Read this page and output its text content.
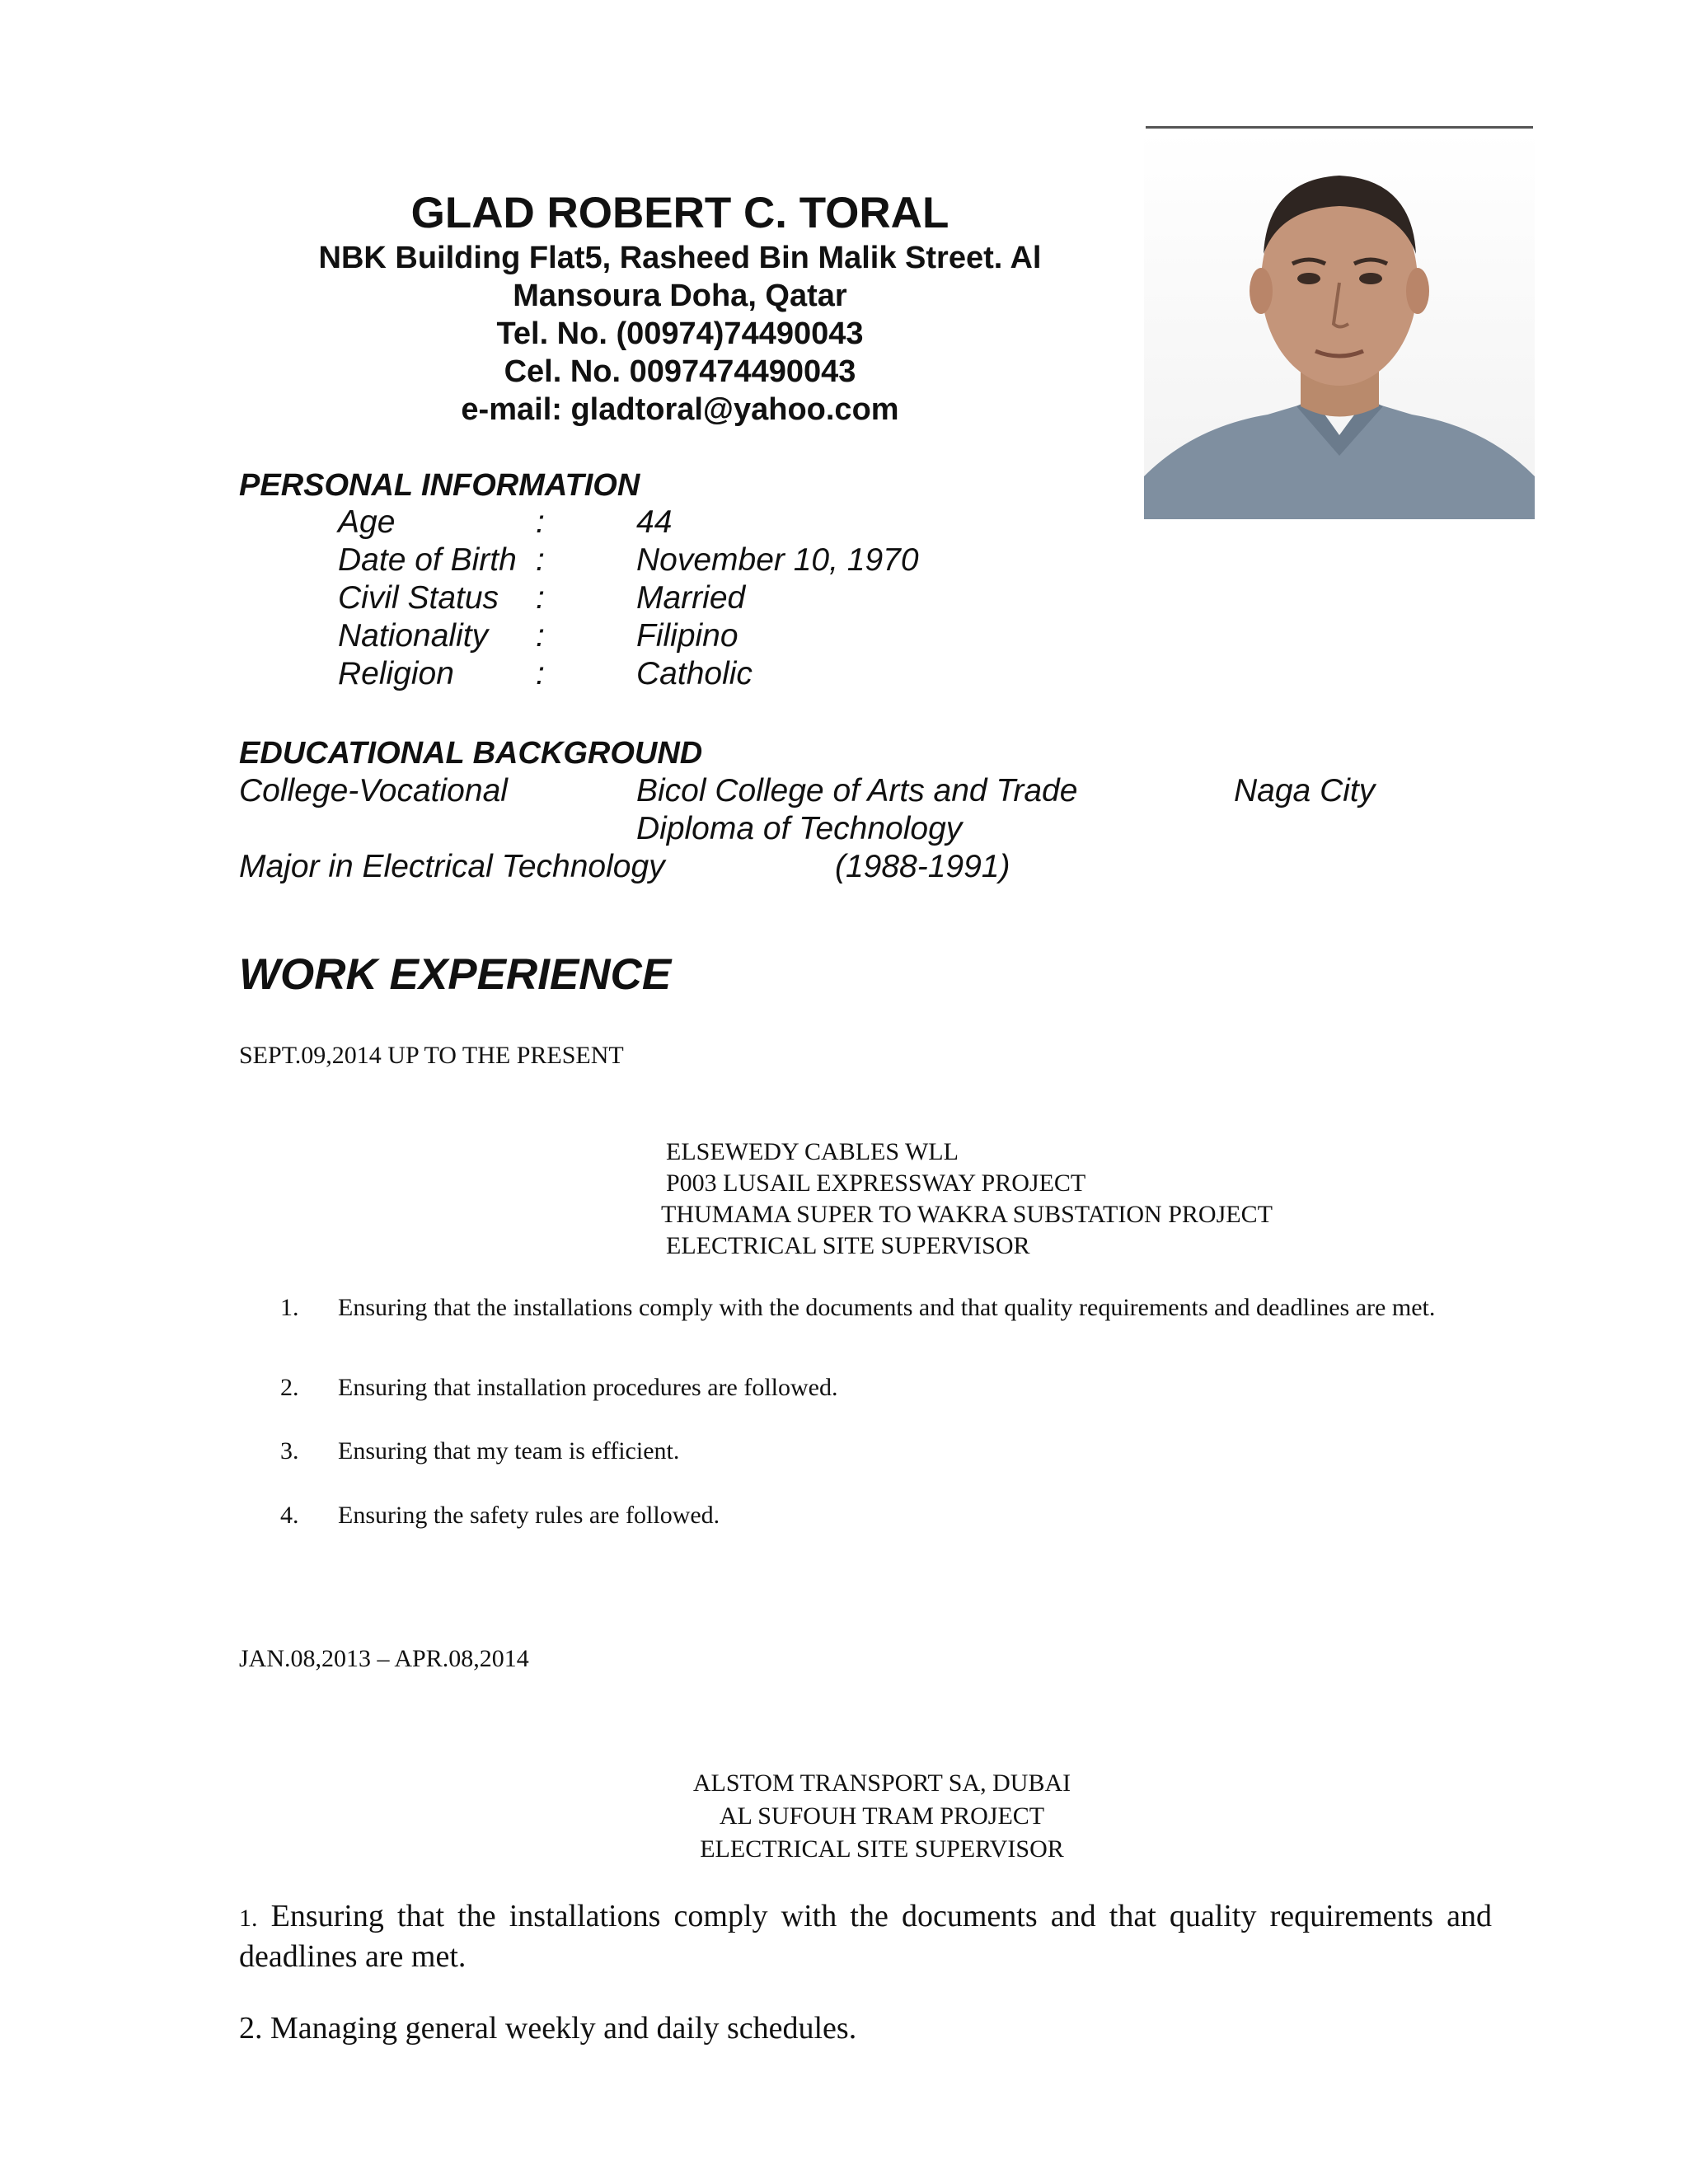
GLAD ROBERT C. TORAL
NBK Building Flat5, Rasheed Bin Malik Street. Al
Mansoura Doha, Qatar
Tel. No. (00974)74490043
Cel. No. 0097474490043
e-mail: gladtoral@yahoo.com
PERSONAL INFORMATION
Age	:	44
Date of Birth :	November 10, 1970
Civil Status :	Married
Nationality :	Filipino
Religion	:	Catholic
EDUCATIONAL BACKGROUND
College-Vocational	Bicol College of Arts and Trade	Naga City
Diploma of Technology
Major in Electrical Technology	(1988-1991)
WORK EXPERIENCE
SEPT.09,2014 UP TO THE PRESENT
ELSEWEDY CABLES WLL
P003 LUSAIL EXPRESSWAY PROJECT
THUMAMA SUPER TO WAKRA SUBSTATION PROJECT
ELECTRICAL SITE SUPERVISOR
1. Ensuring that the installations comply with the documents and that quality requirements and deadlines are met.
2. Ensuring that installation procedures are followed.
3. Ensuring that my team is efficient.
4. Ensuring the safety rules are followed.
JAN.08,2013 – APR.08,2014
ALSTOM TRANSPORT SA, DUBAI
AL SUFOUH TRAM PROJECT
ELECTRICAL SITE SUPERVISOR
1. Ensuring that the installations comply with the documents and that quality requirements and deadlines are met.
2. Managing general weekly and daily schedules.
